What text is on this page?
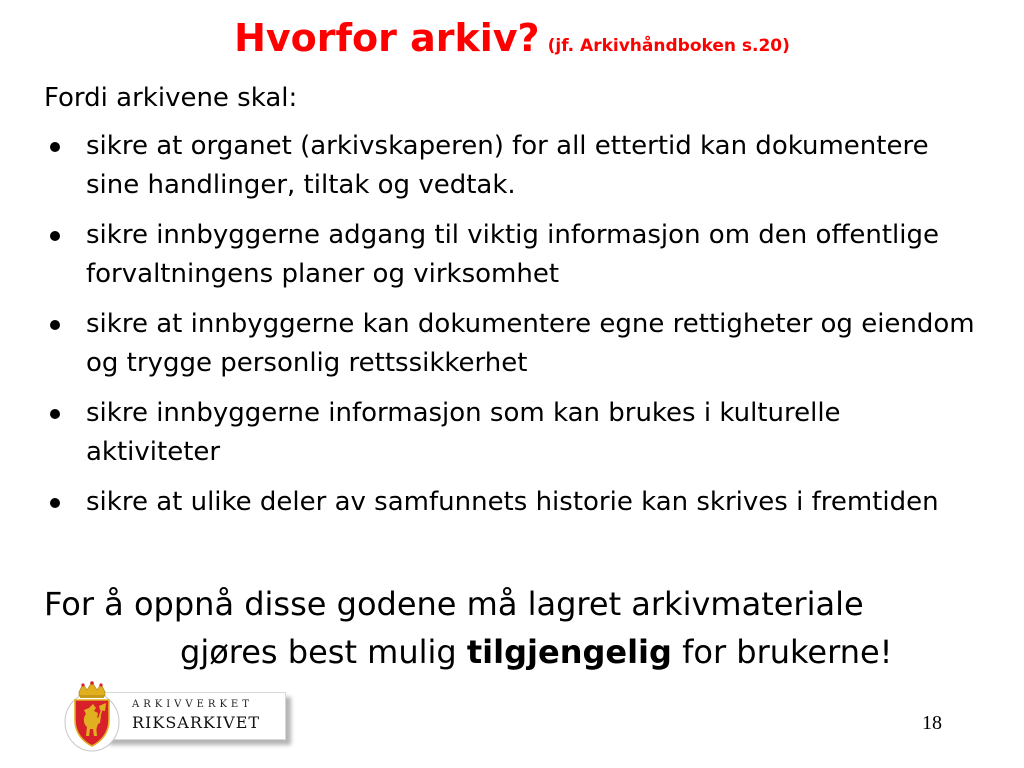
Hvorfor arkiv? (jf. Arkivhåndboken s.20)

Fordi arkivene skal:

sikre at organet (arkivskaperen) for all ettertid kan dokumentere sine handlinger, tiltak og vedtak.
sikre innbyggerne adgang til viktig informasjon om den offentlige forvaltningens planer og virksomhet
sikre at innbyggerne kan dokumentere egne rettigheter og eiendom og trygge personlig rettssikkerhet
sikre innbyggerne informasjon som kan brukes i kulturelle aktiviteter
sikre at ulike deler av samfunnets historie kan skrives i fremtiden

For å oppnå disse godene må lagret arkivmateriale
gjøres best mulig tilgjengelig for brukerne!

ARKIVVERKET
RIKSARKIVET	18
